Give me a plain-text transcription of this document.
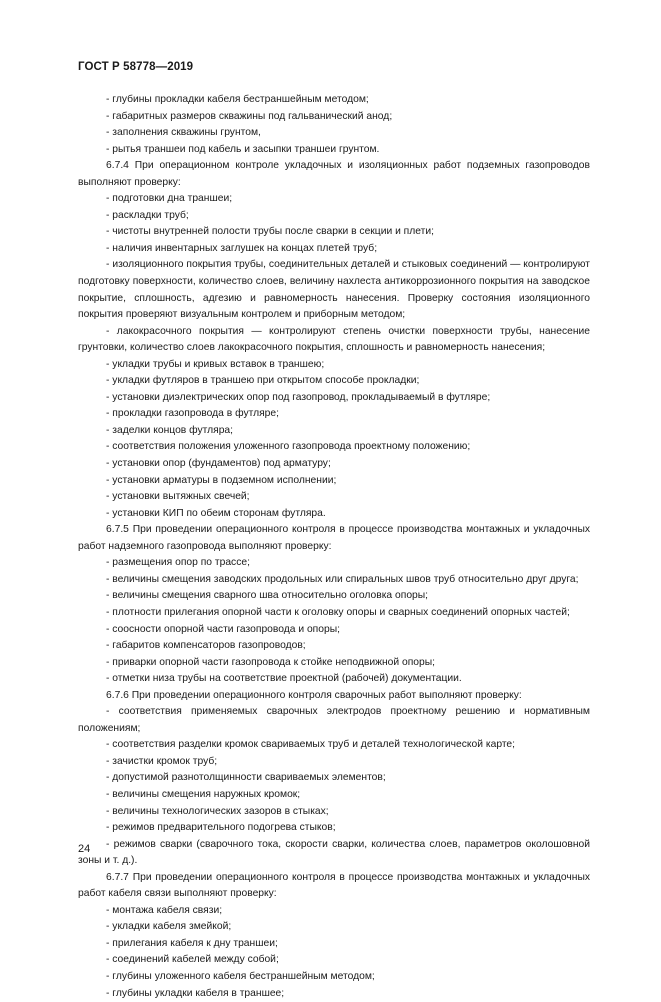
ГОСТ Р 58778—2019

- глубины прокладки кабеля бестраншейным методом;

- габаритных размеров скважины под гальванический анод;

- заполнения скважины грунтом,

- рытья траншеи под кабель и засыпки траншеи грунтом.

6.7.4 При операционном контроле укладочных и изоляционных работ подземных газопроводов выполняют проверку:

- подготовки дна траншеи;

- раскладки труб;

- чистоты внутренней полости трубы после сварки в секции и плети;

- наличия инвентарных заглушек на концах плетей труб;

- изоляционного покрытия трубы, соединительных деталей и стыковых соединений — контролируют подготовку поверхности, количество слоев, величину нахлеста антикоррозионного покрытия на заводское покрытие, сплошность, адгезию и равномерность нанесения. Проверку состояния изоляционного покрытия проверяют визуальным контролем и приборным методом;

- лакокрасочного покрытия — контролируют степень очистки поверхности трубы, нанесение грунтовки, количество слоев лакокрасочного покрытия, сплошность и равномерность нанесения;

- укладки трубы и кривых вставок в траншею;

- укладки футляров в траншею при открытом способе прокладки;

- установки диэлектрических опор под газопровод, прокладываемый в футляре;

- прокладки газопровода в футляре;

- заделки концов футляра;

- соответствия положения уложенного газопровода проектному положению;

- установки опор (фундаментов) под арматуру;

- установки арматуры в подземном исполнении;

- установки вытяжных свечей;

- установки КИП по обеим сторонам футляра.

6.7.5 При проведении операционного контроля в процессе производства монтажных и укладочных работ надземного газопровода выполняют проверку:

- размещения опор по трассе;

- величины смещения заводских продольных или спиральных швов труб относительно друг друга;

- величины смещения сварного шва относительно оголовка опоры;

- плотности прилегания опорной части к оголовку опоры и сварных соединений опорных частей;

- соосности опорной части газопровода и опоры;

- габаритов компенсаторов газопроводов;

- приварки опорной части газопровода к стойке неподвижной опоры;

- отметки низа трубы на соответствие проектной (рабочей) документации.

6.7.6 При проведении операционного контроля сварочных работ выполняют проверку:

- соответствия применяемых сварочных электродов проектному решению и нормативным положениям;

- соответствия разделки кромок свариваемых труб и деталей технологической карте;

- зачистки кромок труб;

- допустимой разнотолщинности свариваемых элементов;

- величины смещения наружных кромок;

- величины технологических зазоров в стыках;

- режимов предварительного подогрева стыков;

- режимов сварки (сварочного тока, скорости сварки, количества слоев, параметров околошовной зоны и т. д.).

6.7.7 При проведении операционного контроля в процессе производства монтажных и укладочных работ кабеля связи выполняют проверку:

- монтажа кабеля связи;

- укладки кабеля змейкой;

- прилегания кабеля к дну траншеи;

- соединений кабелей между собой;

- глубины уложенного кабеля бестраншейным методом;

- глубины укладки кабеля в траншее;

24
